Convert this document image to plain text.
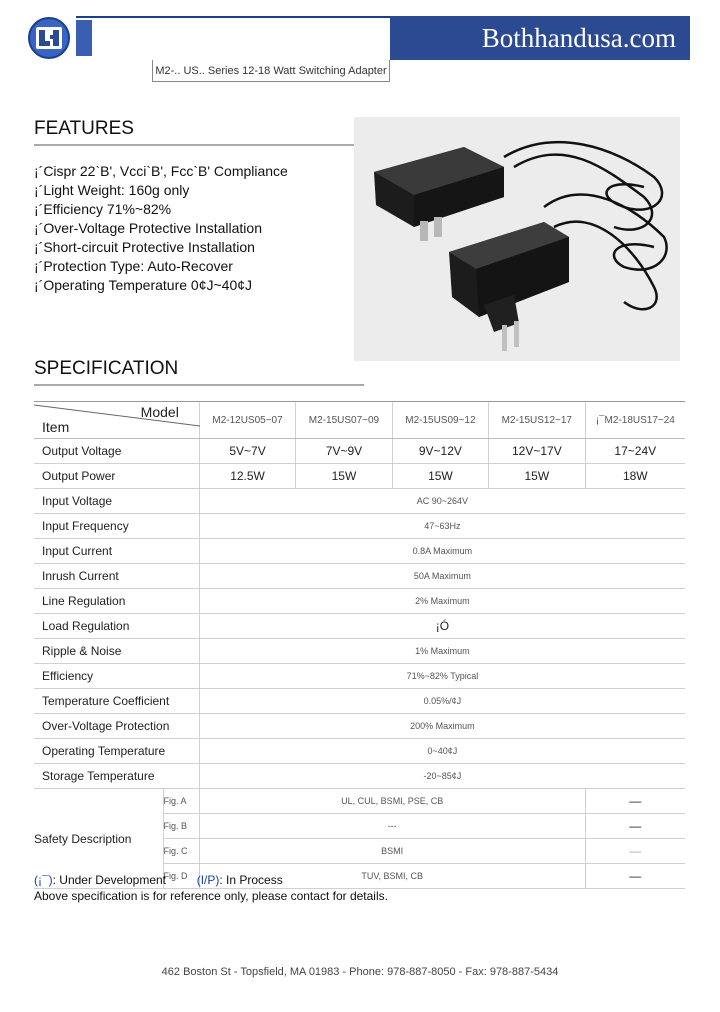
Bothhandusa.com
M2-.. US.. Series 12-18 Watt Switching Adapter
FEATURES
¡´Cispr 22`B', Vcci`B', Fcc`B' Compliance
¡´Light Weight: 160g only
¡´Efficiency 71%~82%
¡´Over-Voltage Protective Installation
¡´Short-circuit Protective Installation
¡´Protection Type: Auto-Recover
¡´Operating Temperature 0¢J~40¢J
SPECIFICATION
Model
Item		M2-12US05~07	M2-15US07~09	M2-15US09~12	M2-15US12~17	¡¯M2-18US17~24
Output Voltage		5V~7V	7V~9V	9V~12V	12V~17V	17~24V
Output Power		12.5W	15W	15W	15W	18W
Input Voltage		AC 90~264V				
Input Frequency		47~63Hz				
Input Current		0.8A Maximum				
Inrush Current		50A Maximum				
Line Regulation		2% Maximum				
Load Regulation		¡Ó				
Ripple & Noise		1% Maximum				
Efficiency		71%~82% Typical				
Temperature Coefficient		0.05%/¢J				
Over-Voltage Protection		200% Maximum				
Operating Temperature		0~40¢J				
Storage Temperature		-20~85¢J				
Safety Description	Fig. A	UL, CUL, BSMI, PSE, CB				—
	Fig. B	---				—
	Fig. C	BSMI				—
	Fig. D	TUV, BSMI, CB				—
(¡¯): Under Development	(I/P): In Process
Above specification is for reference only, please contact for details.
462 Boston St - Topsfield, MA 01983 - Phone: 978-887-8050 - Fax: 978-887-5434
